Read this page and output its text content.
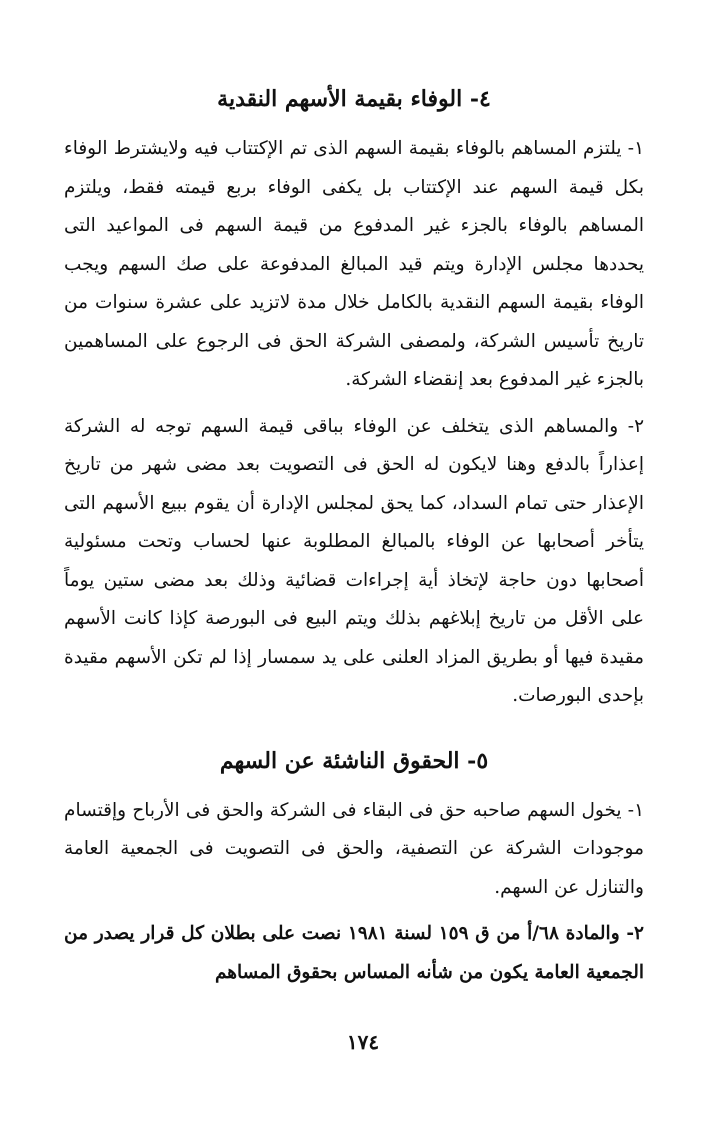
٤- الوفاء بقيمة الأسهم النقدية

١- يلتزم المساهم بالوفاء بقيمة السهم الذى تم الإكتتاب فيه ولايشترط الوفاء بكل قيمة السهم عند الإكتتاب بل يكفى الوفاء بربع قيمته فقط، ويلتزم المساهم بالوفاء بالجزء غير المدفوع من قيمة السهم فى المواعيد التى يحددها مجلس الإدارة ويتم قيد المبالغ المدفوعة على صك السهم ويجب الوفاء بقيمة السهم النقدية بالكامل خلال مدة لاتزيد على عشرة سنوات من تاريخ تأسيس الشركة، ولمصفى الشركة الحق فى الرجوع على المساهمين بالجزء غير المدفوع بعد إنقضاء الشركة.

٢- والمساهم الذى يتخلف عن الوفاء بباقى قيمة السهم توجه له الشركة إعذاراً بالدفع وهنا لايكون له الحق فى التصويت بعد مضى شهر من تاريخ الإعذار حتى تمام السداد، كما يحق لمجلس الإدارة أن يقوم ببيع الأسهم التى يتأخر أصحابها عن الوفاء بالمبالغ المطلوبة عنها لحساب وتحت مسئولية أصحابها دون حاجة لإتخاذ أية إجراءات قضائية وذلك بعد مضى ستين يوماً على الأقل من تاريخ إبلاغهم بذلك ويتم البيع فى البورصة كإذا كانت الأسهم مقيدة فيها أو بطريق المزاد العلنى على يد سمسار إذا لم تكن الأسهم مقيدة بإحدى البورصات.

٥- الحقوق الناشئة عن السهم

١- يخول السهم صاحبه حق فى البقاء فى الشركة والحق فى الأرباح وإقتسام موجودات الشركة عن التصفية، والحق فى التصويت فى الجمعية العامة والتنازل عن السهم.

٢- والمادة ٦٨/أ من ق ١٥٩ لسنة ١٩٨١ نصت على بطلان كل قرار يصدر من الجمعية العامة يكون من شأنه المساس بحقوق المساهم

١٧٤
